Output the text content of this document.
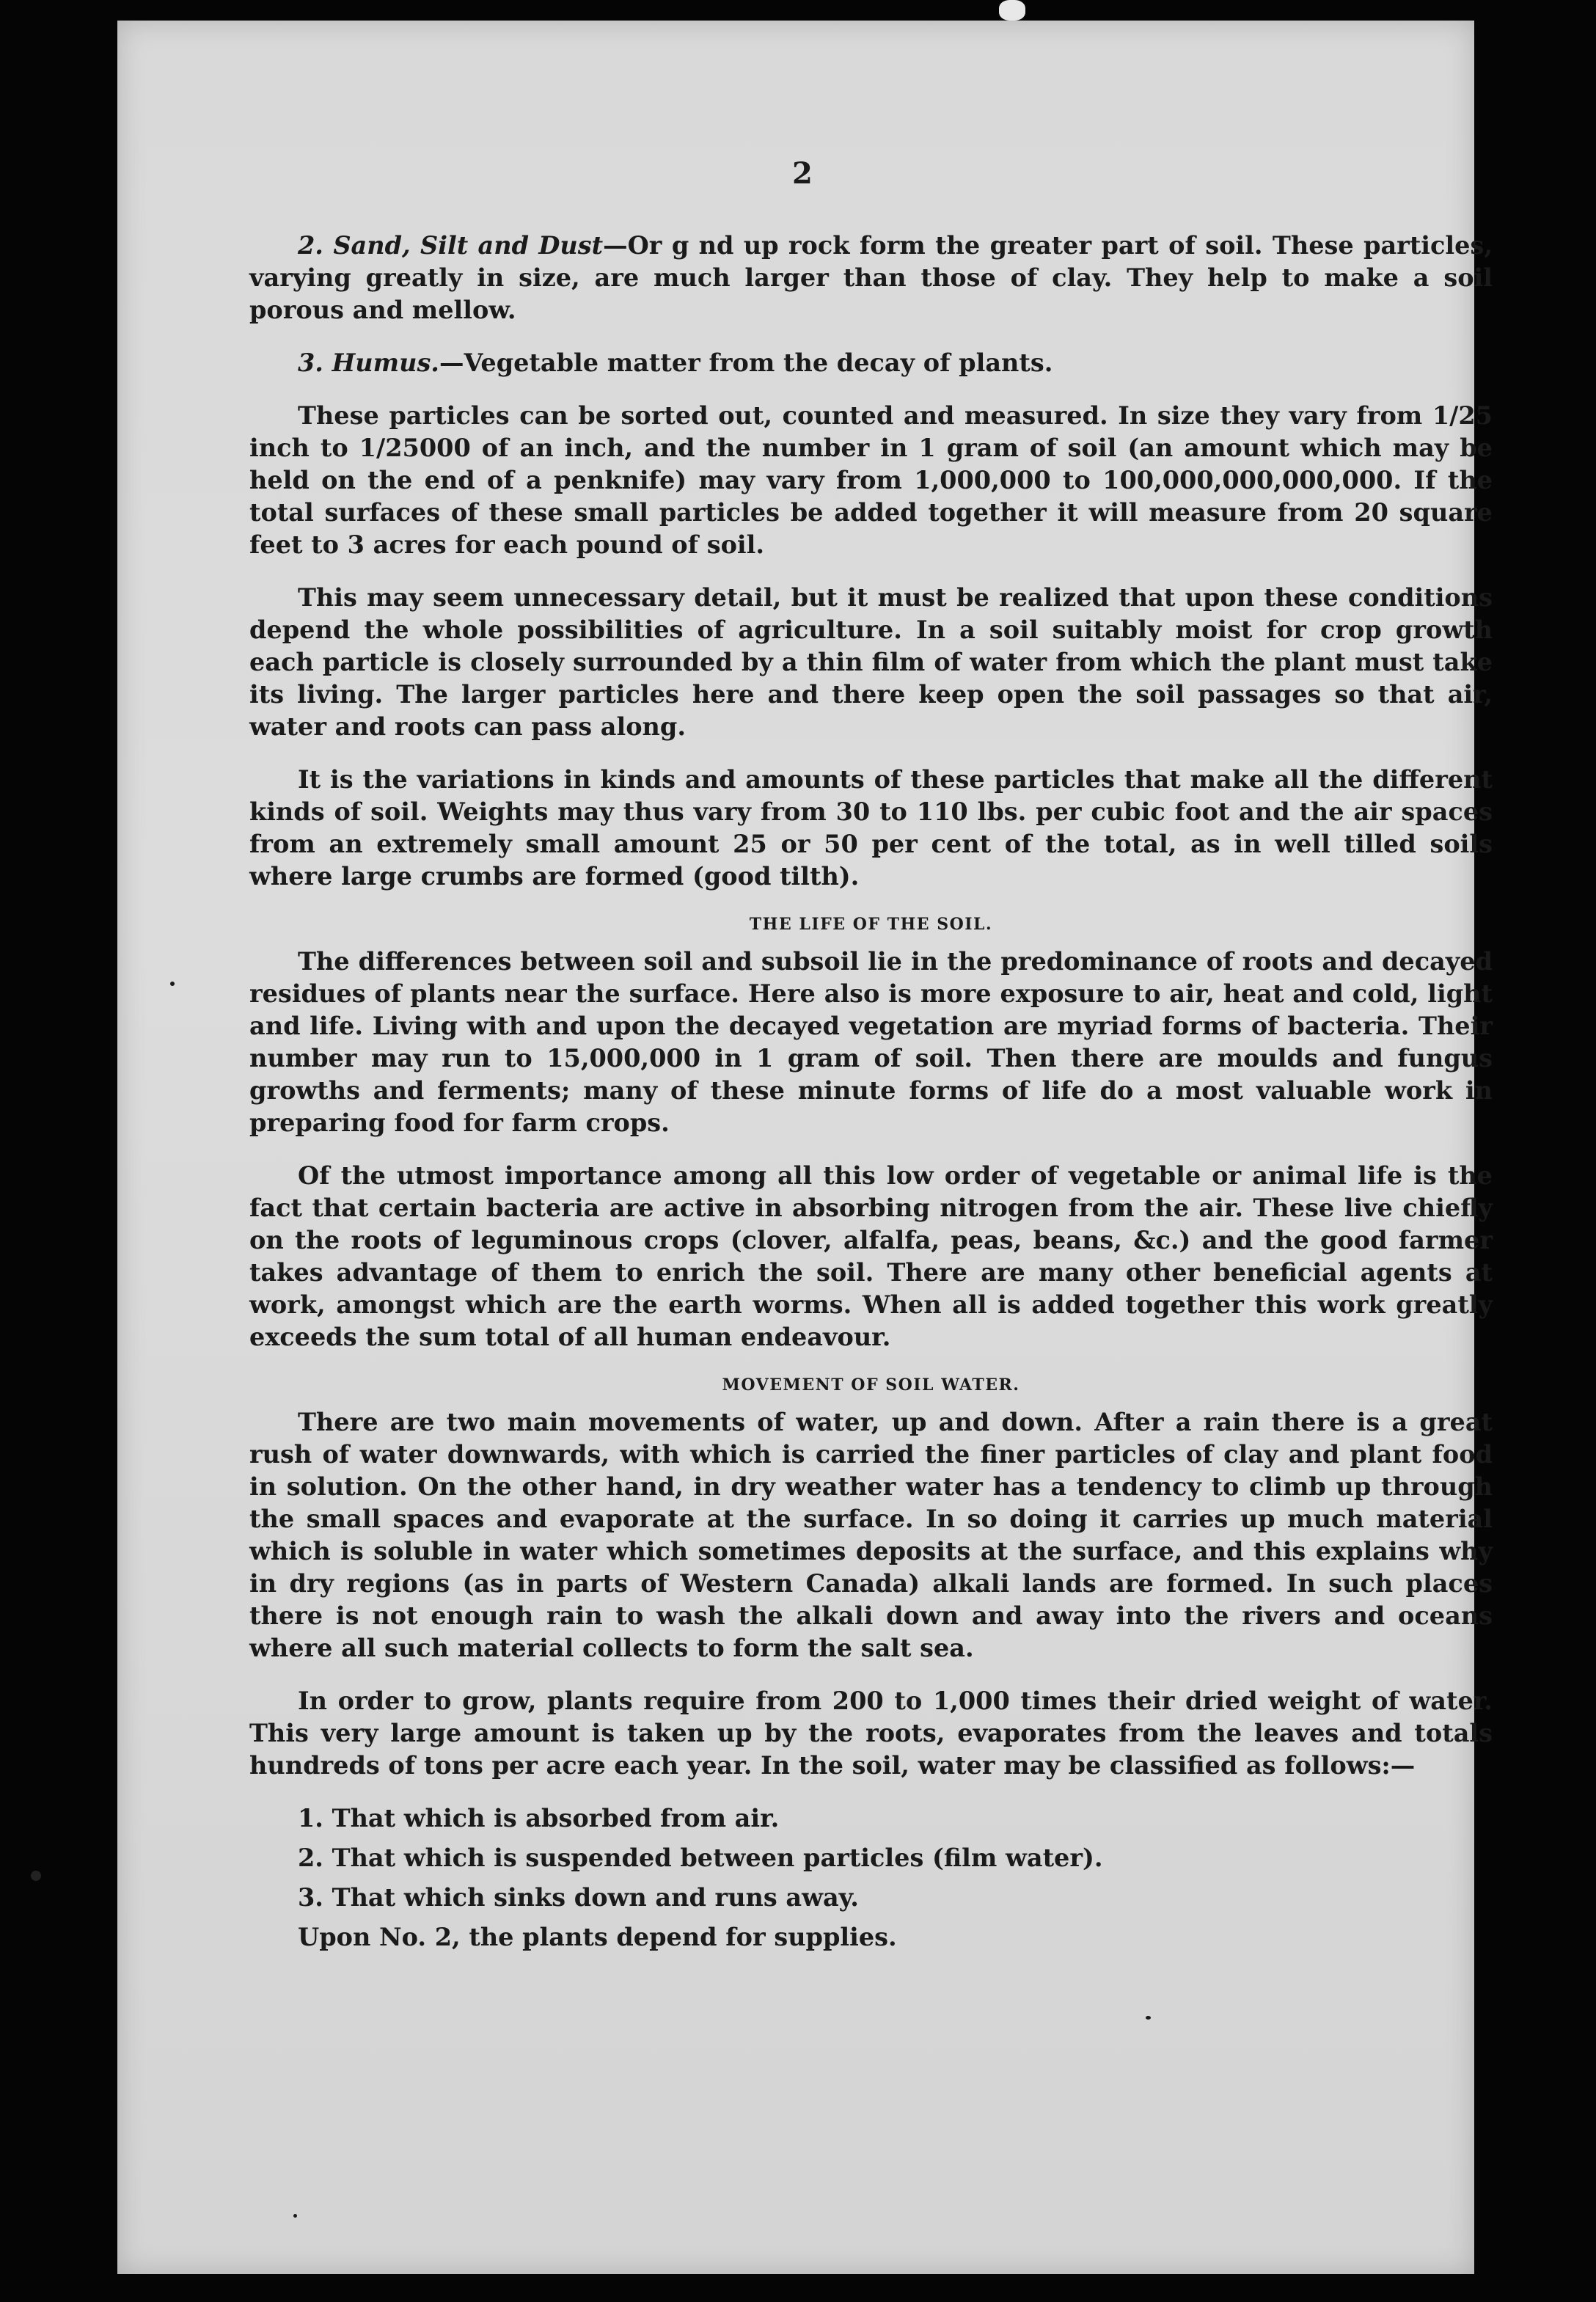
2

2. Sand, Silt and Dust—Or g nd up rock form the greater part of soil. These particles, varying greatly in size, are much larger than those of clay. They help to make a soil porous and mellow.

3. Humus.—Vegetable matter from the decay of plants.

These particles can be sorted out, counted and measured. In size they vary from 1/25 inch to 1/25000 of an inch, and the number in 1 gram of soil (an amount which may be held on the end of a penknife) may vary from 1,000,000 to 100,000,000,000,000. If the total surfaces of these small particles be added together it will measure from 20 square feet to 3 acres for each pound of soil.

This may seem unnecessary detail, but it must be realized that upon these conditions depend the whole possibilities of agriculture. In a soil suitably moist for crop growth each particle is closely surrounded by a thin film of water from which the plant must take its living. The larger particles here and there keep open the soil passages so that air, water and roots can pass along.

It is the variations in kinds and amounts of these particles that make all the different kinds of soil. Weights may thus vary from 30 to 110 lbs. per cubic foot and the air spaces from an extremely small amount 25 or 50 per cent of the total, as in well tilled soils where large crumbs are formed (good tilth).

THE LIFE OF THE SOIL.

The differences between soil and subsoil lie in the predominance of roots and decayed residues of plants near the surface. Here also is more exposure to air, heat and cold, light and life. Living with and upon the decayed vegetation are myriad forms of bacteria. Their number may run to 15,000,000 in 1 gram of soil. Then there are moulds and fungus growths and ferments; many of these minute forms of life do a most valuable work in preparing food for farm crops.

Of the utmost importance among all this low order of vegetable or animal life is the fact that certain bacteria are active in absorbing nitrogen from the air. These live chiefly on the roots of leguminous crops (clover, alfalfa, peas, beans, &c.) and the good farmer takes advantage of them to enrich the soil. There are many other beneficial agents at work, amongst which are the earth worms. When all is added together this work greatly exceeds the sum total of all human endeavour.

MOVEMENT OF SOIL WATER.

There are two main movements of water, up and down. After a rain there is a great rush of water downwards, with which is carried the finer particles of clay and plant food in solution. On the other hand, in dry weather water has a tendency to climb up through the small spaces and evaporate at the surface. In so doing it carries up much material which is soluble in water which sometimes deposits at the surface, and this explains why in dry regions (as in parts of Western Canada) alkali lands are formed. In such places there is not enough rain to wash the alkali down and away into the rivers and oceans where all such material collects to form the salt sea.

In order to grow, plants require from 200 to 1,000 times their dried weight of water. This very large amount is taken up by the roots, evaporates from the leaves and totals hundreds of tons per acre each year. In the soil, water may be classified as follows:—

1. That which is absorbed from air.
2. That which is suspended between particles (film water).
3. That which sinks down and runs away.
Upon No. 2, the plants depend for supplies.
